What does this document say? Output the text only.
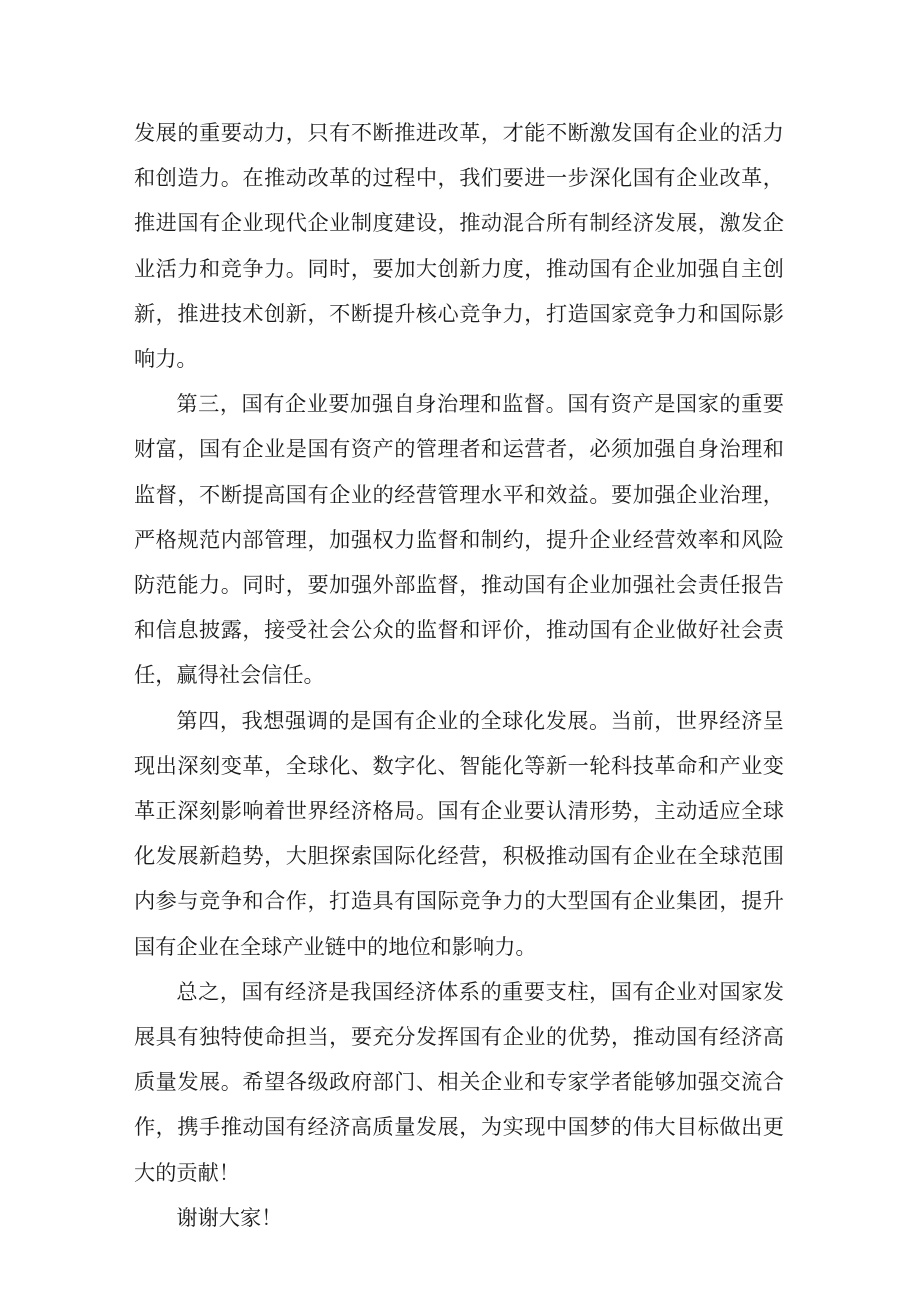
发展的重要动力，只有不断推进改革，才能不断激发国有企业的活力和创造力。在推动改革的过程中，我们要进一步深化国有企业改革，推进国有企业现代企业制度建设，推动混合所有制经济发展，激发企业活力和竞争力。同时，要加大创新力度，推动国有企业加强自主创新，推进技术创新，不断提升核心竞争力，打造国家竞争力和国际影响力。

第三，国有企业要加强自身治理和监督。国有资产是国家的重要财富，国有企业是国有资产的管理者和运营者，必须加强自身治理和监督，不断提高国有企业的经营管理水平和效益。要加强企业治理，严格规范内部管理，加强权力监督和制约，提升企业经营效率和风险防范能力。同时，要加强外部监督，推动国有企业加强社会责任报告和信息披露，接受社会公众的监督和评价，推动国有企业做好社会责任，赢得社会信任。

第四，我想强调的是国有企业的全球化发展。当前，世界经济呈现出深刻变革，全球化、数字化、智能化等新一轮科技革命和产业变革正深刻影响着世界经济格局。国有企业要认清形势，主动适应全球化发展新趋势，大胆探索国际化经营，积极推动国有企业在全球范围内参与竞争和合作，打造具有国际竞争力的大型国有企业集团，提升国有企业在全球产业链中的地位和影响力。

总之，国有经济是我国经济体系的重要支柱，国有企业对国家发展具有独特使命担当，要充分发挥国有企业的优势，推动国有经济高质量发展。希望各级政府部门、相关企业和专家学者能够加强交流合作，携手推动国有经济高质量发展，为实现中国梦的伟大目标做出更大的贡献！

谢谢大家！
